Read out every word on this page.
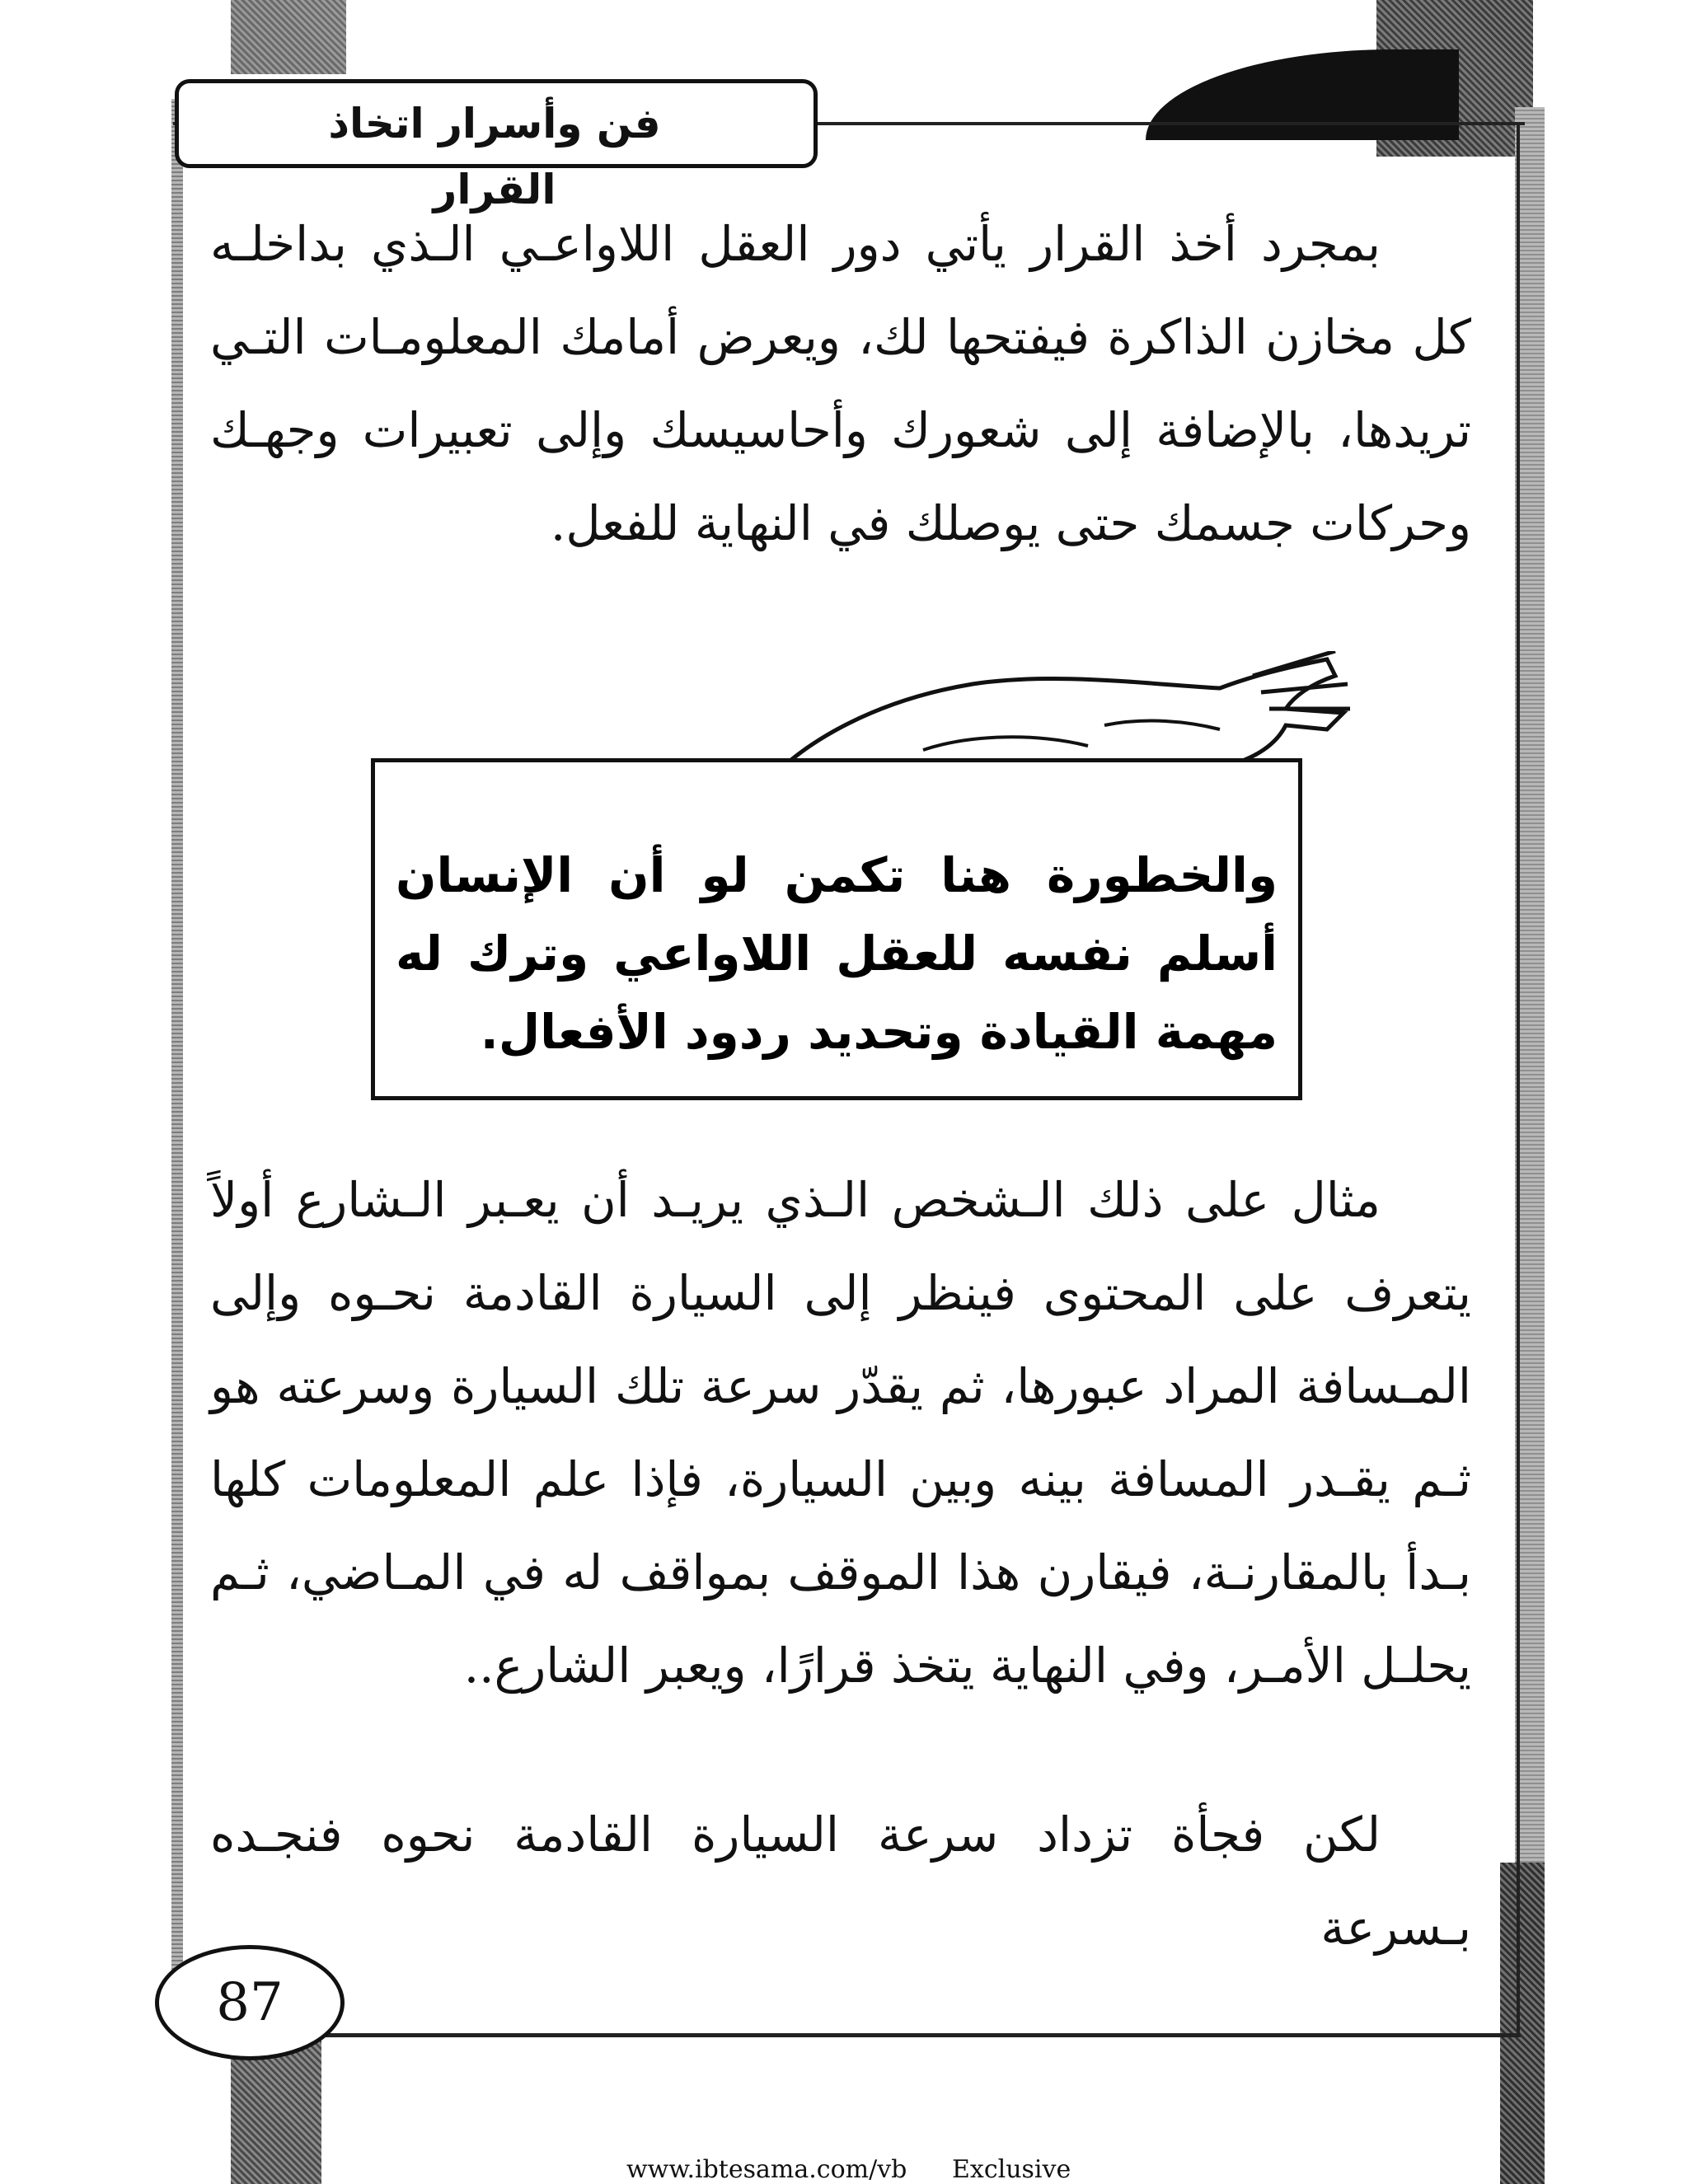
فن وأسرار اتخاذ القرار
بمجرد أخذ القرار يأتي دور العقل اللاواعـي الـذي بداخلـه كل مخازن الذاكرة فيفتحها لك، ويعرض أمامك المعلومـات التـي تريدها، بالإضافة إلى شعورك وأحاسيسك وإلى تعبيرات وجهـك وحركات جسمك حتى يوصلك في النهاية للفعل.
والخطورة هنا تكمن لو أن الإنسان أسلم نفسه للعقل اللاواعي وترك له مهمة القيادة وتحديد ردود الأفعال.
مثال على ذلك الـشخص الـذي يريـد أن يعـبر الـشارع أولاً يتعرف على المحتوى فينظر إلى السيارة القادمة نحـوه وإلى المـسافة المراد عبورها، ثم يقدّر سرعة تلك السيارة وسرعته هو ثـم يقـدر المسافة بينه وبين السيارة، فإذا علم المعلومات كلها بـدأ بالمقارنـة، فيقارن هذا الموقف بمواقف له في المـاضي، ثـم يحلـل الأمـر، وفي النهاية يتخذ قرارًا، ويعبر الشارع..
لكن فجأة تزداد سرعة السيارة القادمة نحوه فنجـده بـسرعة
87
www.ibtesama.com/vb Exclusive
